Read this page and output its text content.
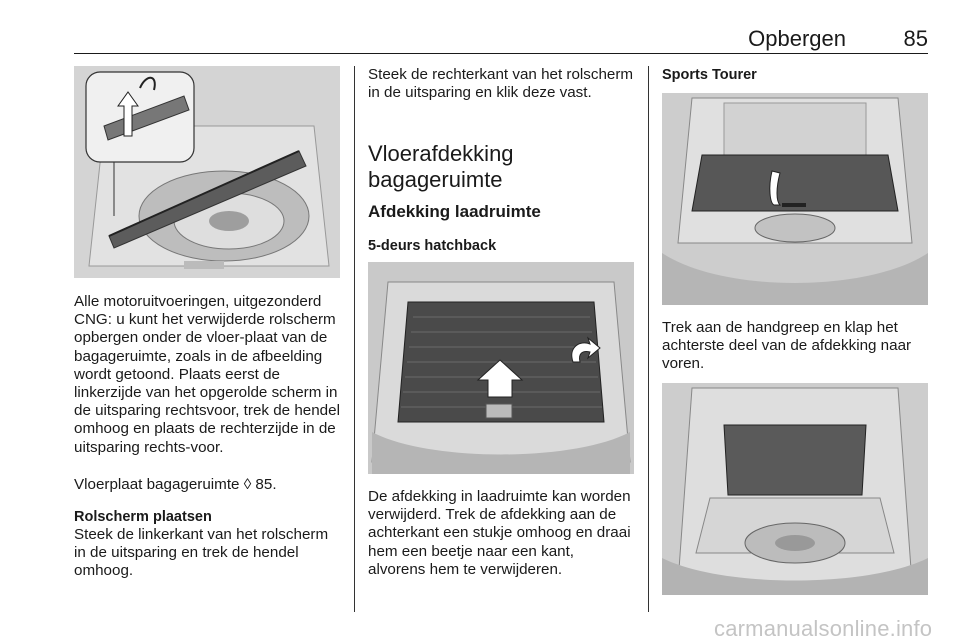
Opbergen	85
Alle motoruitvoeringen, uitgezonderd CNG: u kunt het verwijderde rolscherm opbergen onder de vloer-plaat van de bagageruimte, zoals in de afbeelding wordt getoond. Plaats eerst de linkerzijde van het opgerolde scherm in de uitsparing rechtsvoor, trek de hendel omhoog en plaats de rechterzijde in de uitsparing rechts-voor.
Vloerplaat bagageruimte ◊ 85.
Rolscherm plaatsen
Steek de linkerkant van het rolscherm in de uitsparing en trek de hendel omhoog.
Steek de rechterkant van het rolscherm in de uitsparing en klik deze vast.
Vloerafdekking bagageruimte
Afdekking laadruimte
5-deurs hatchback
De afdekking in laadruimte kan worden verwijderd. Trek de afdekking aan de achterkant een stukje omhoog en draai hem een beetje naar een kant, alvorens hem te verwijderen.
Sports Tourer
Trek aan de handgreep en klap het achterste deel van de afdekking naar voren.
carmanualsonline.info
